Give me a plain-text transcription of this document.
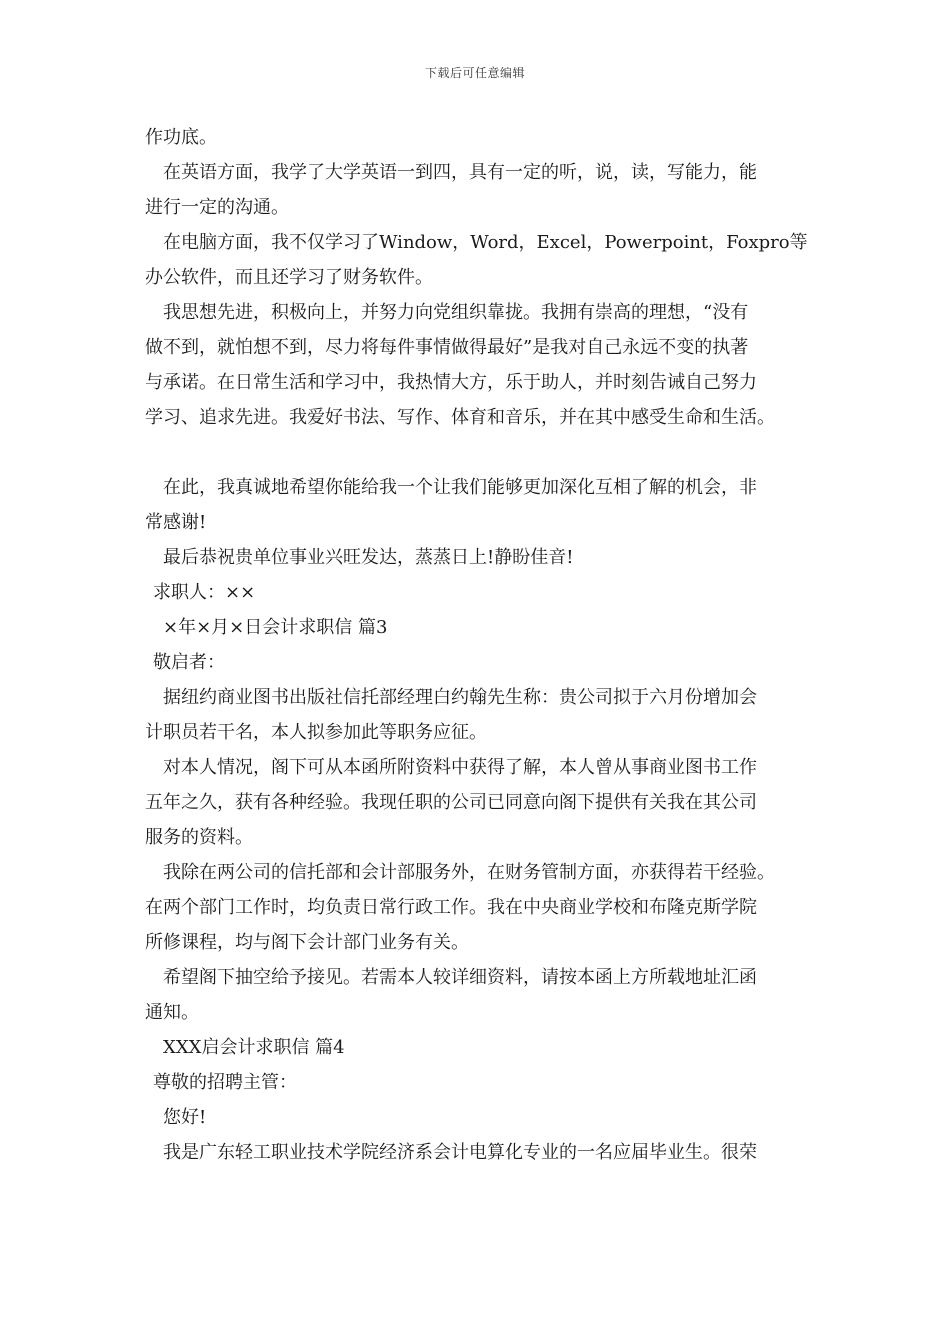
下载后可任意编辑
作功底。
在英语方面，我学了大学英语一到四，具有一定的听，说，读，写能力，能
进行一定的沟通。
在电脑方面，我不仅学习了Window，Word，Excel，Powerpoint，Foxpro等
办公软件，而且还学习了财务软件。
我思想先进，积极向上，并努力向党组织靠拢。我拥有崇高的理想，“没有
做不到，就怕想不到，尽力将每件事情做得最好”是我对自己永远不变的执著
与承诺。在日常生活和学习中，我热情大方，乐于助人，并时刻告诫自己努力
学习、追求先进。我爱好书法、写作、体育和音乐，并在其中感受生命和生活。
在此，我真诚地希望你能给我一个让我们能够更加深化互相了解的机会，非
常感谢!
最后恭祝贵单位事业兴旺发达，蒸蒸日上!静盼佳音!
求职人：××
×年×月×日会计求职信 篇3
敬启者：
据纽约商业图书出版社信托部经理白约翰先生称：贵公司拟于六月份增加会
计职员若干名，本人拟参加此等职务应征。
对本人情况，阁下可从本函所附资料中获得了解，本人曾从事商业图书工作
五年之久，获有各种经验。我现任职的公司已同意向阁下提供有关我在其公司
服务的资料。
我除在两公司的信托部和会计部服务外，在财务管制方面，亦获得若干经验。
在两个部门工作时，均负责日常行政工作。我在中央商业学校和布隆克斯学院
所修课程，均与阁下会计部门业务有关。
希望阁下抽空给予接见。若需本人较详细资料，请按本函上方所载地址汇函
通知。
XXX启会计求职信 篇4
尊敬的招聘主管：
您好!
我是广东轻工职业技术学院经济系会计电算化专业的一名应届毕业生。很荣
